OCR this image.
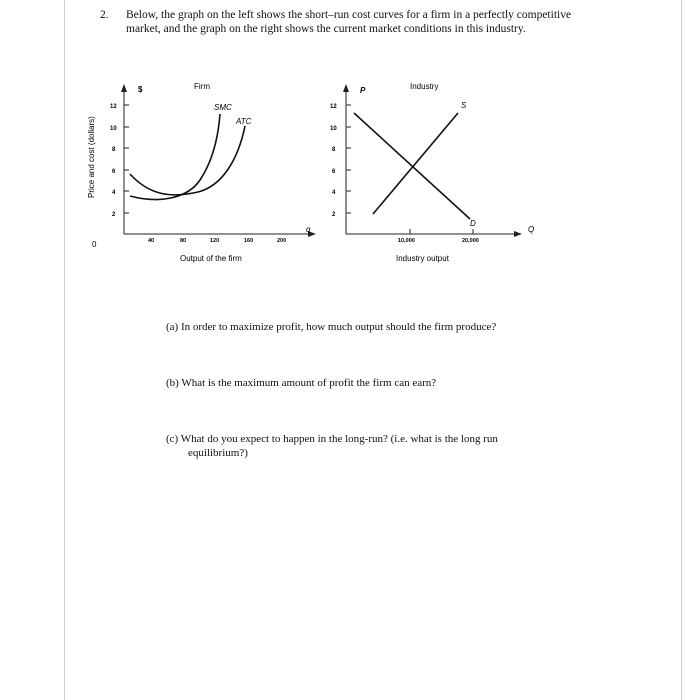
2. Below, the graph on the left shows the short–run cost curves for a firm in a perfectly competitive market, and the graph on the right shows the current market conditions in this industry.
$	Firm
Price and cost (dollars)
12
10
8
6
4
2
0	40	80	120	160	200
q
Output of the firm
SMC
ATC
P	Industry
12
10
8
6
4
2
10,000	20,000
Q
Industry output
S
D
(a) In order to maximize profit, how much output should the firm produce?
(b) What is the maximum amount of profit the firm can earn?
(c) What do you expect to happen in the long-run? (i.e. what is the long run
equilibrium?)
